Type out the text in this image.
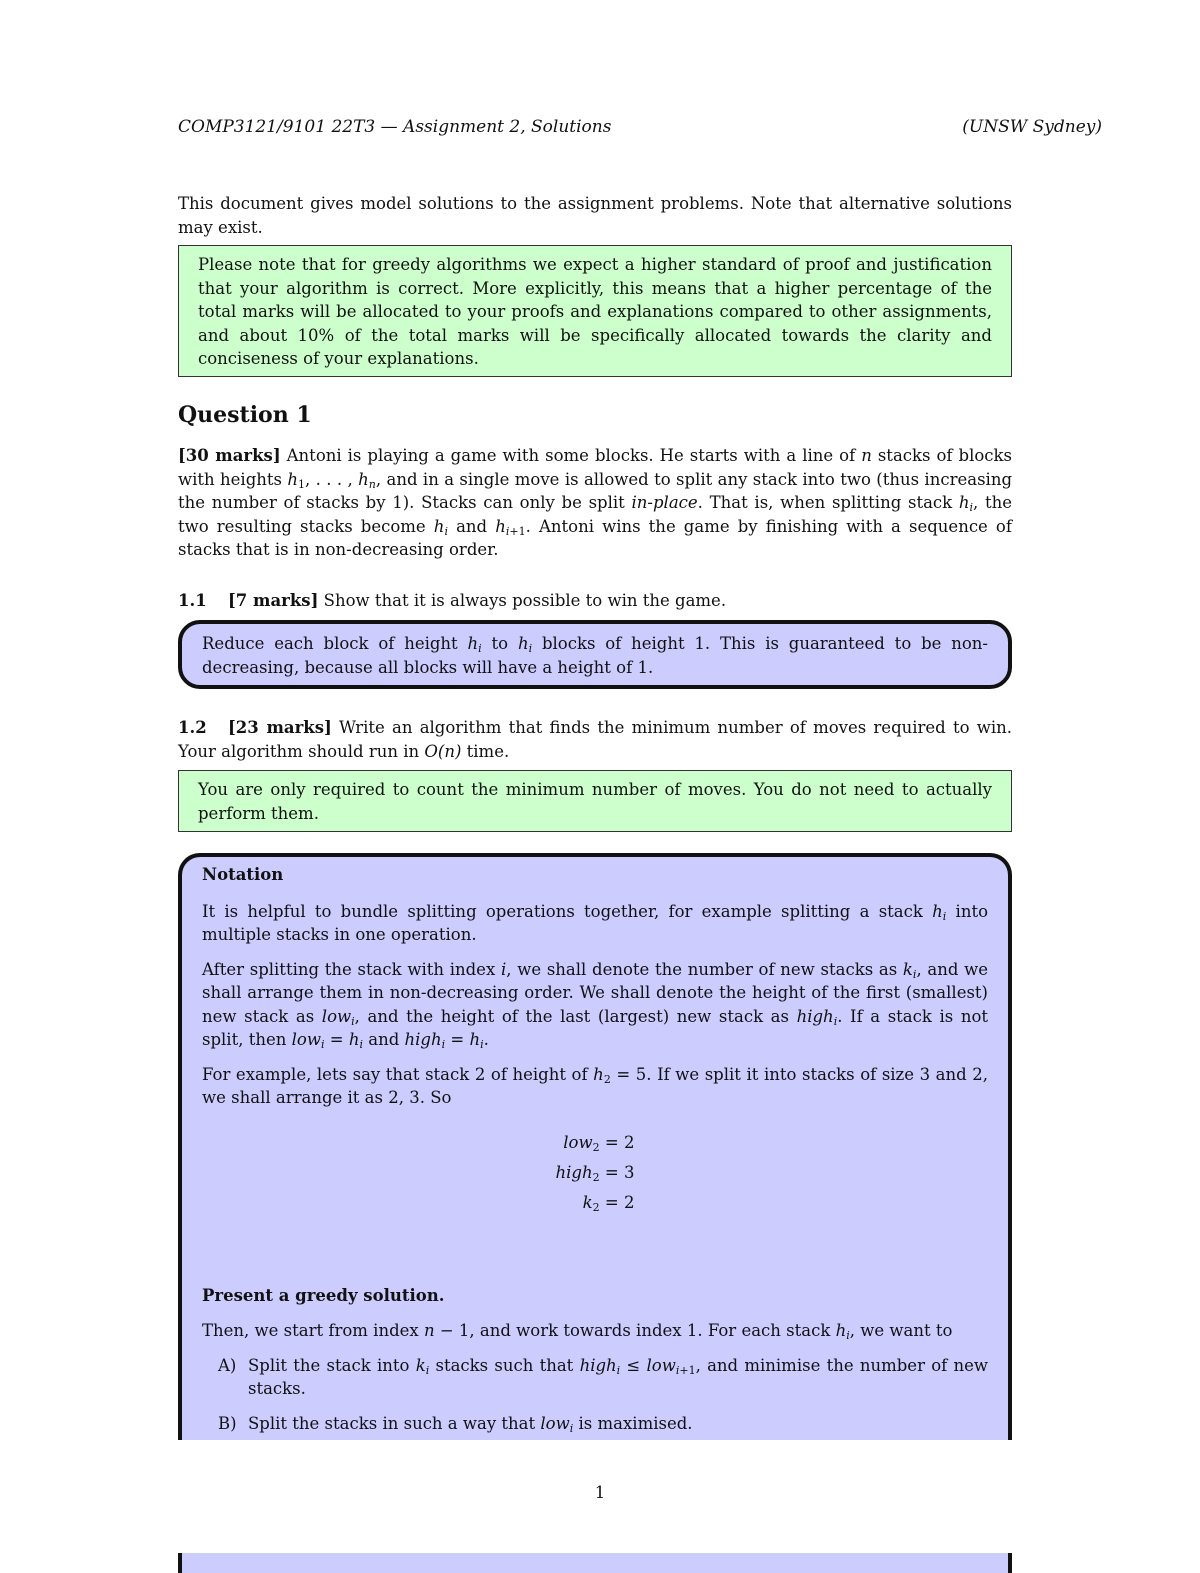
COMP3121/9101 22T3 — Assignment 2, Solutions	(UNSW Sydney)

This document gives model solutions to the assignment problems. Note that alternative solutions may exist.

Please note that for greedy algorithms we expect a higher standard of proof and justification that your algorithm is correct. More explicitly, this means that a higher percentage of the total marks will be allocated to your proofs and explanations compared to other assignments, and about 10% of the total marks will be specifically allocated towards the clarity and conciseness of your explanations.
Question 1

[30 marks] Antoni is playing a game with some blocks. He starts with a line of n stacks of blocks with heights $h_1$, . . . , $h_n$, and in a single move is allowed to split any stack into two (thus increasing the number of stacks by 1). Stacks can only be split in-place. That is, when splitting stack $h_i$, the two resulting stacks become $h_i$ and $h_{i+1}$. Antoni wins the game by finishing with a sequence of stacks that is in non-decreasing order.

1.1 [7 marks] Show that it is always possible to win the game.

Reduce each block of height $h_i$ to $h_i$ blocks of height 1. This is guaranteed to be non-decreasing, because all blocks will have a height of 1.

1.2 [23 marks] Write an algorithm that finds the minimum number of moves required to win. Your algorithm should run in O(n) time.

You are only required to count the minimum number of moves. You do not need to actually perform them.

Notation

It is helpful to bundle splitting operations together, for example splitting a stack $h_i$ into multiple stacks in one operation.

After splitting the stack with index i, we shall denote the number of new stacks as $k_i$, and we shall arrange them in non-decreasing order. We shall denote the height of the first (smallest) new stack as low$_i$, and the height of the last (largest) new stack as high$_i$. If a stack is not split, then $low_i = h_i$ and high$_i$ = $h_i$.

For example, lets say that stack 2 of height of $h_2 = 5$. If we split it into stacks of size 3 and 2, we shall arrange it as 2, 3. So

low$_2$	= 2
high$_2$	= 3
$k_2$	= 2

Present a greedy solution.

Then, we start from index n − 1, and work towards index 1. For each stack $h_i$, we want to

A) Split the stack into $k_i$ stacks such that high$_i$ ≤ low$_{i+1}$, and minimise the number of new stacks.
B) Split the stacks in such a way that low$_i$ is maximised.
1
